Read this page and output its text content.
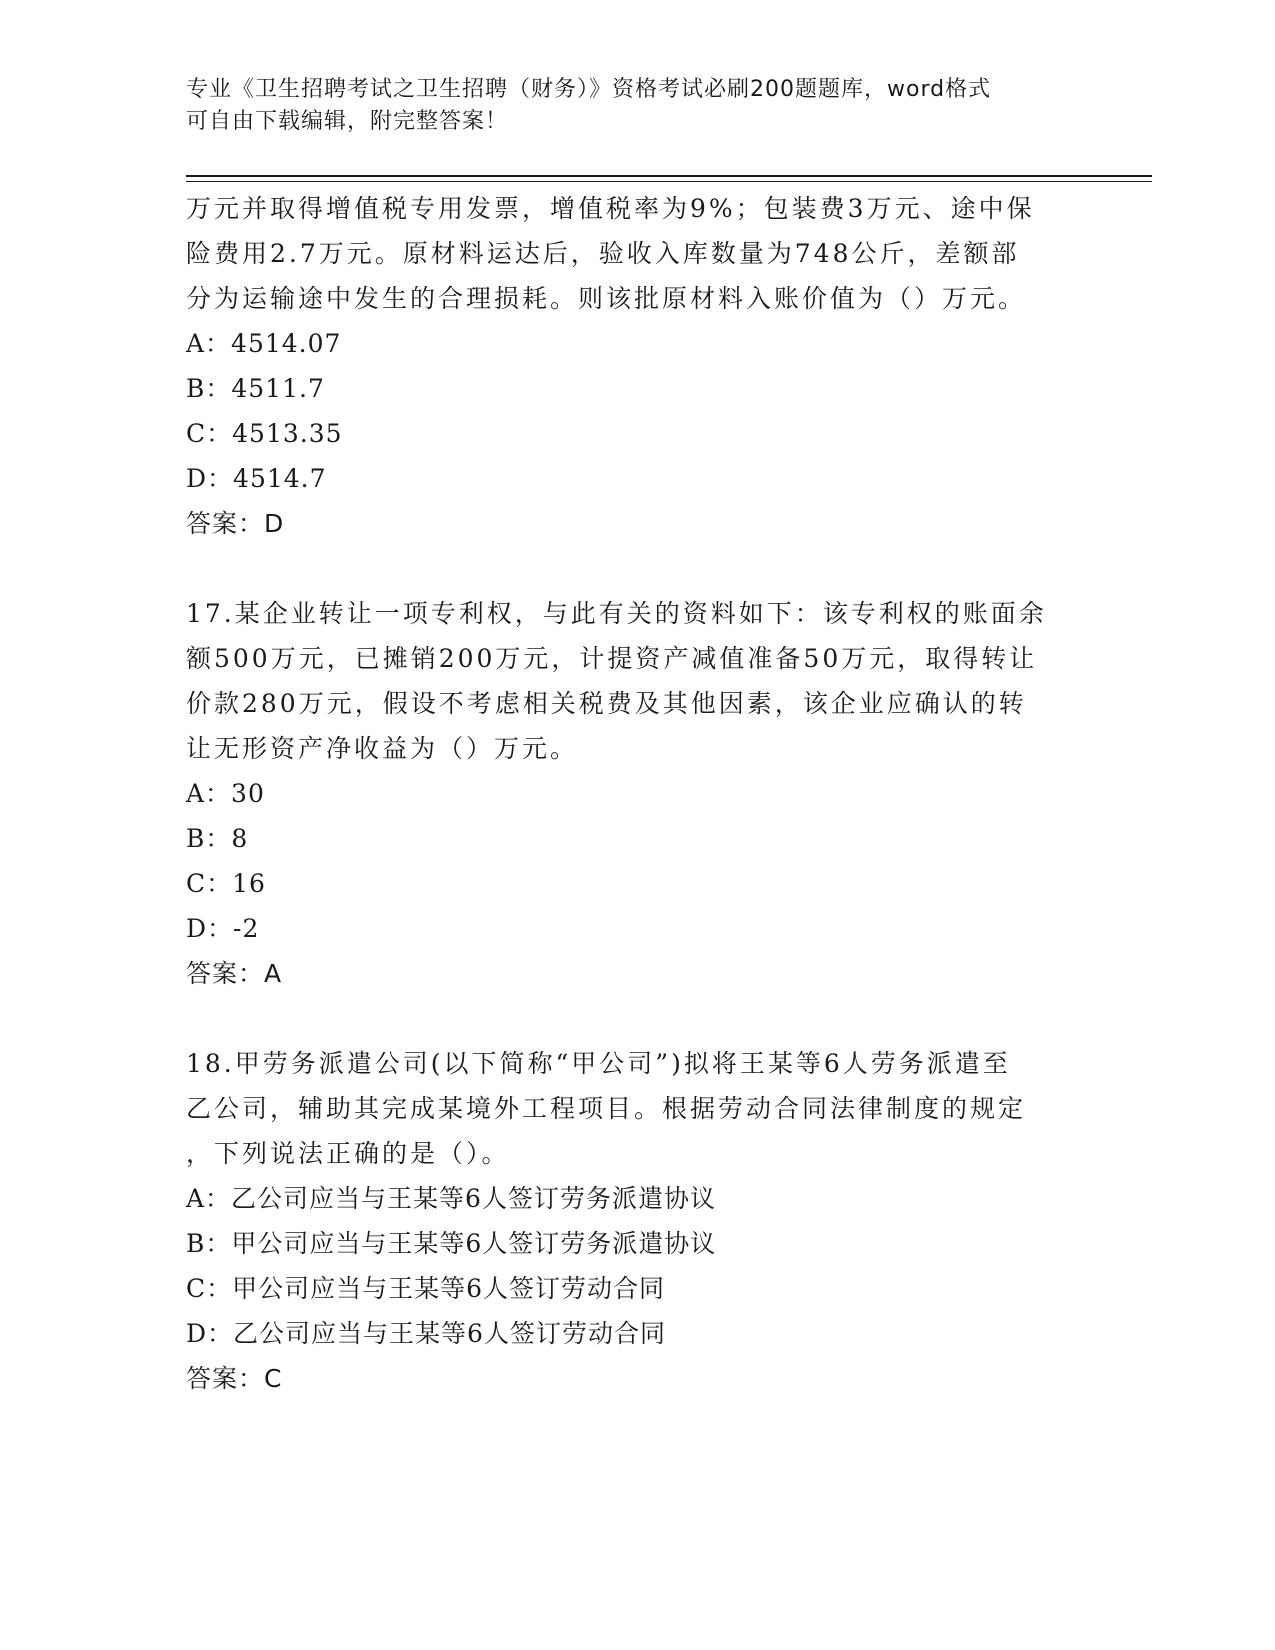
专业《卫生招聘考试之卫生招聘（财务）》资格考试必刷200题题库，word格式
可自由下载编辑，附完整答案！
万元并取得增值税专用发票，增值税率为9%；包装费3万元、途中保
险费用2.7万元。原材料运达后，验收入库数量为748公斤，差额部
分为运输途中发生的合理损耗。则该批原材料入账价值为（）万元。
A：4514.07
B：4511.7
C：4513.35
D：4514.7
答案：D
17.某企业转让一项专利权，与此有关的资料如下：该专利权的账面余
额500万元，已摊销200万元，计提资产减值准备50万元，取得转让
价款280万元，假设不考虑相关税费及其他因素，该企业应确认的转
让无形资产净收益为（）万元。
A：30
B：8
C：16
D：-2
答案：A
18.甲劳务派遣公司(以下简称“甲公司”)拟将王某等6人劳务派遣至
乙公司，辅助其完成某境外工程项目。根据劳动合同法律制度的规定
，下列说法正确的是（）。
A：乙公司应当与王某等6人签订劳务派遣协议
B：甲公司应当与王某等6人签订劳务派遣协议
C：甲公司应当与王某等6人签订劳动合同
D：乙公司应当与王某等6人签订劳动合同
答案：C
